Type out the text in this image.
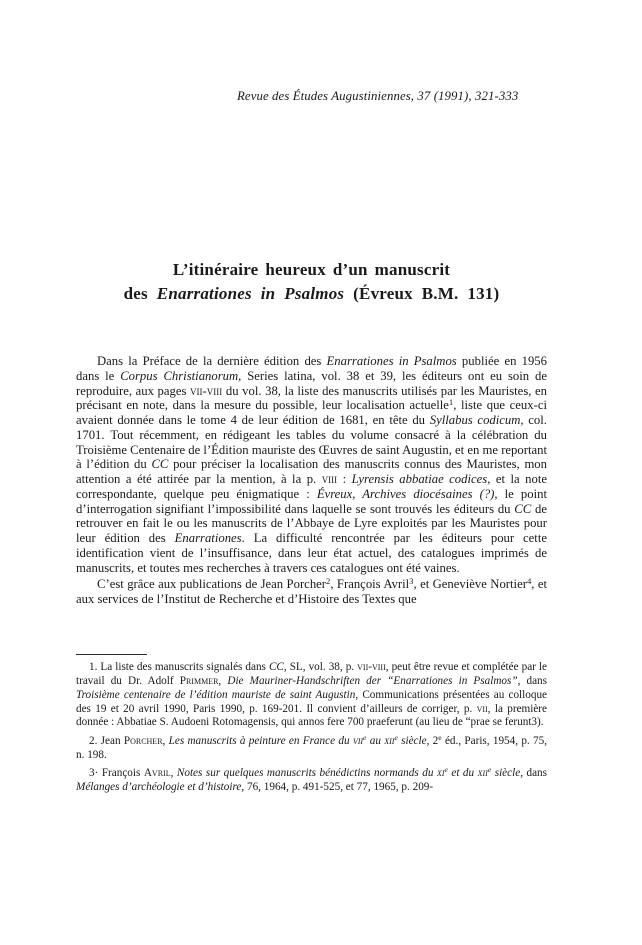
Revue des Études Augustiniennes, 37 (1991), 321-333
L’itinéraire heureux d’un manuscrit
des Enarrationes in Psalmos (Évreux B.M. 131)

Dans la Préface de la dernière édition des Enarrationes in Psalmos publiée en 1956 dans le Corpus Christianorum, Series latina, vol. 38 et 39, les éditeurs ont eu soin de reproduire, aux pages vii-viii du vol. 38, la liste des manuscrits utilisés par les Mauristes, en précisant en note, dans la mesure du possible, leur localisation actuelle$^1$, liste que ceux-ci avaient donnée dans le tome 4 de leur édition de 1681, en tête du Syllabus codicum, col. 1701. Tout récemment, en rédigeant les tables du volume consacré à la célébration du Troisième Centenaire de l’Édition mauriste des Œuvres de saint Augustin, et en me reportant à l’édition du CC pour préciser la localisation des manuscrits connus des Mauristes, mon attention a été attirée par la mention, à la p. viii : Lyrensis abbatiae codices, et la note correspondante, quelque peu énigmatique : Évreux, Archives diocésaines (?), le point d’interrogation signifiant l’impossibilité dans laquelle se sont trouvés les éditeurs du CC de retrouver en fait le ou les manuscrits de l’Abbaye de Lyre exploités par les Mauristes pour leur édition des Enarrationes. La difficulté rencontrée par les éditeurs pour cette identification vient de l’insuffisance, dans leur état actuel, des catalogues imprimés de manuscrits, et toutes mes recherches à travers ces catalogues ont été vaines.

C’est grâce aux publications de Jean Porcher$^2$, François Avril$^3$, et Geneviève Nortier$^4$, et aux services de l’Institut de Recherche et d’Histoire des Textes que

1. La liste des manuscrits signalés dans CC, SL, vol. 38, p. vii-viii, peut être revue et complétée par le travail du Dr. Adolf Primmer, Die Mauriner-Handschriften der “Enarrationes in Psalmos”, dans Troisième centenaire de l’édition mauriste de saint Augustin, Communications présentées au colloque des 19 et 20 avril 1990, Paris 1990, p. 169-201. Il convient d’ailleurs de corriger, p. vii, la première donnée : Abbatiae S. Audoeni Rotomagensis, qui annos fere 700 praeferunt (au lieu de “prae se ferunt3).

2. Jean Porcher, Les manuscrits à peinture en France du vii$^e$ au xii$^e$ siècle, 2e éd., Paris, 1954, p. 75, n. 198.

3· François Avril, Notes sur quelques manuscrits bénédictins normands du $xi^e$ et du xii$^e$ siècle, dans Mélanges d’archéologie et d’histoire, 76, 1964, p. 491-525, et 77, 1965, p. 209-
